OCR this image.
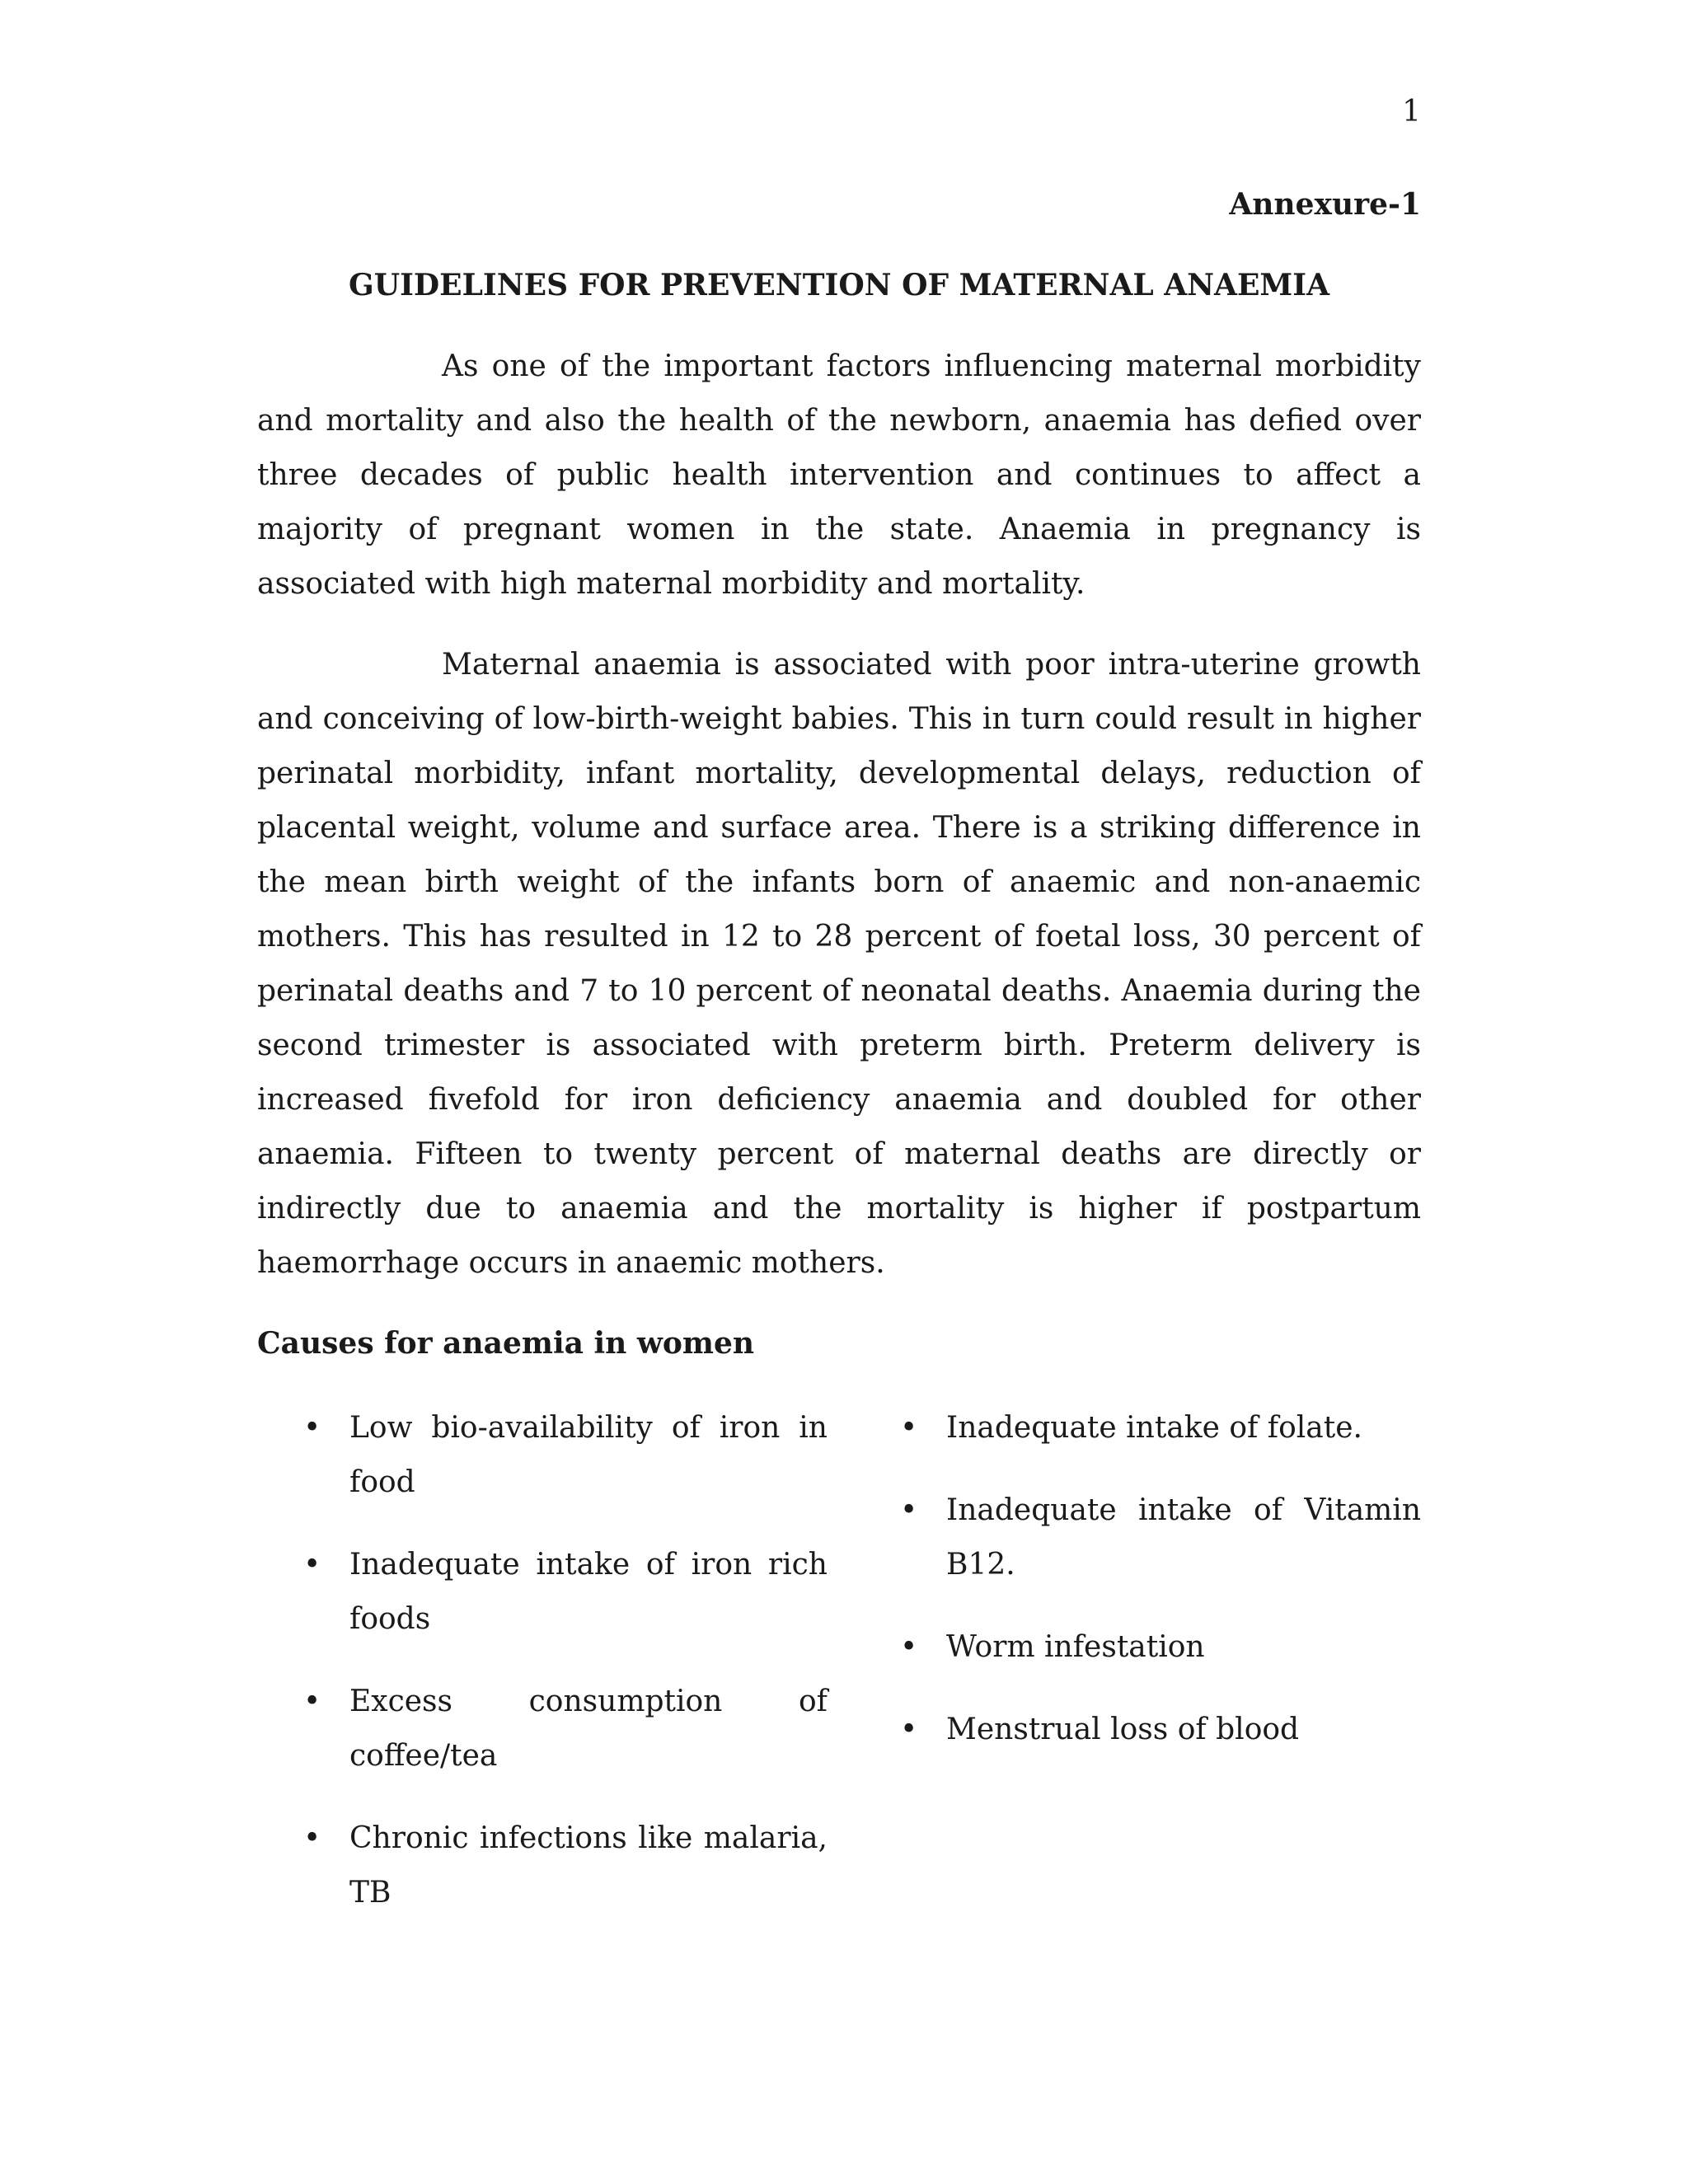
1

Annexure-1

GUIDELINES FOR PREVENTION OF MATERNAL ANAEMIA

As one of the important factors influencing maternal morbidity and mortality and also the health of the newborn, anaemia has defied over three decades of public health intervention and continues to affect a majority of pregnant women in the state. Anaemia in pregnancy is associated with high maternal morbidity and mortality.

Maternal anaemia is associated with poor intra-uterine growth and conceiving of low-birth-weight babies. This in turn could result in higher perinatal morbidity, infant mortality, developmental delays, reduction of placental weight, volume and surface area. There is a striking difference in the mean birth weight of the infants born of anaemic and non-anaemic mothers. This has resulted in 12 to 28 percent of foetal loss, 30 percent of perinatal deaths and 7 to 10 percent of neonatal deaths. Anaemia during the second trimester is associated with preterm birth. Preterm delivery is increased fivefold for iron deficiency anaemia and doubled for other anaemia. Fifteen to twenty percent of maternal deaths are directly or indirectly due to anaemia and the mortality is higher if postpartum haemorrhage occurs in anaemic mothers.

Causes for anaemia in women
• Low bio-availability of iron in food
• Inadequate intake of iron rich foods
• Excess consumption of coffee/tea
• Chronic infections like malaria, TB
• Inadequate intake of folate.
• Inadequate intake of Vitamin B12.
• Worm infestation
• Menstrual loss of blood
